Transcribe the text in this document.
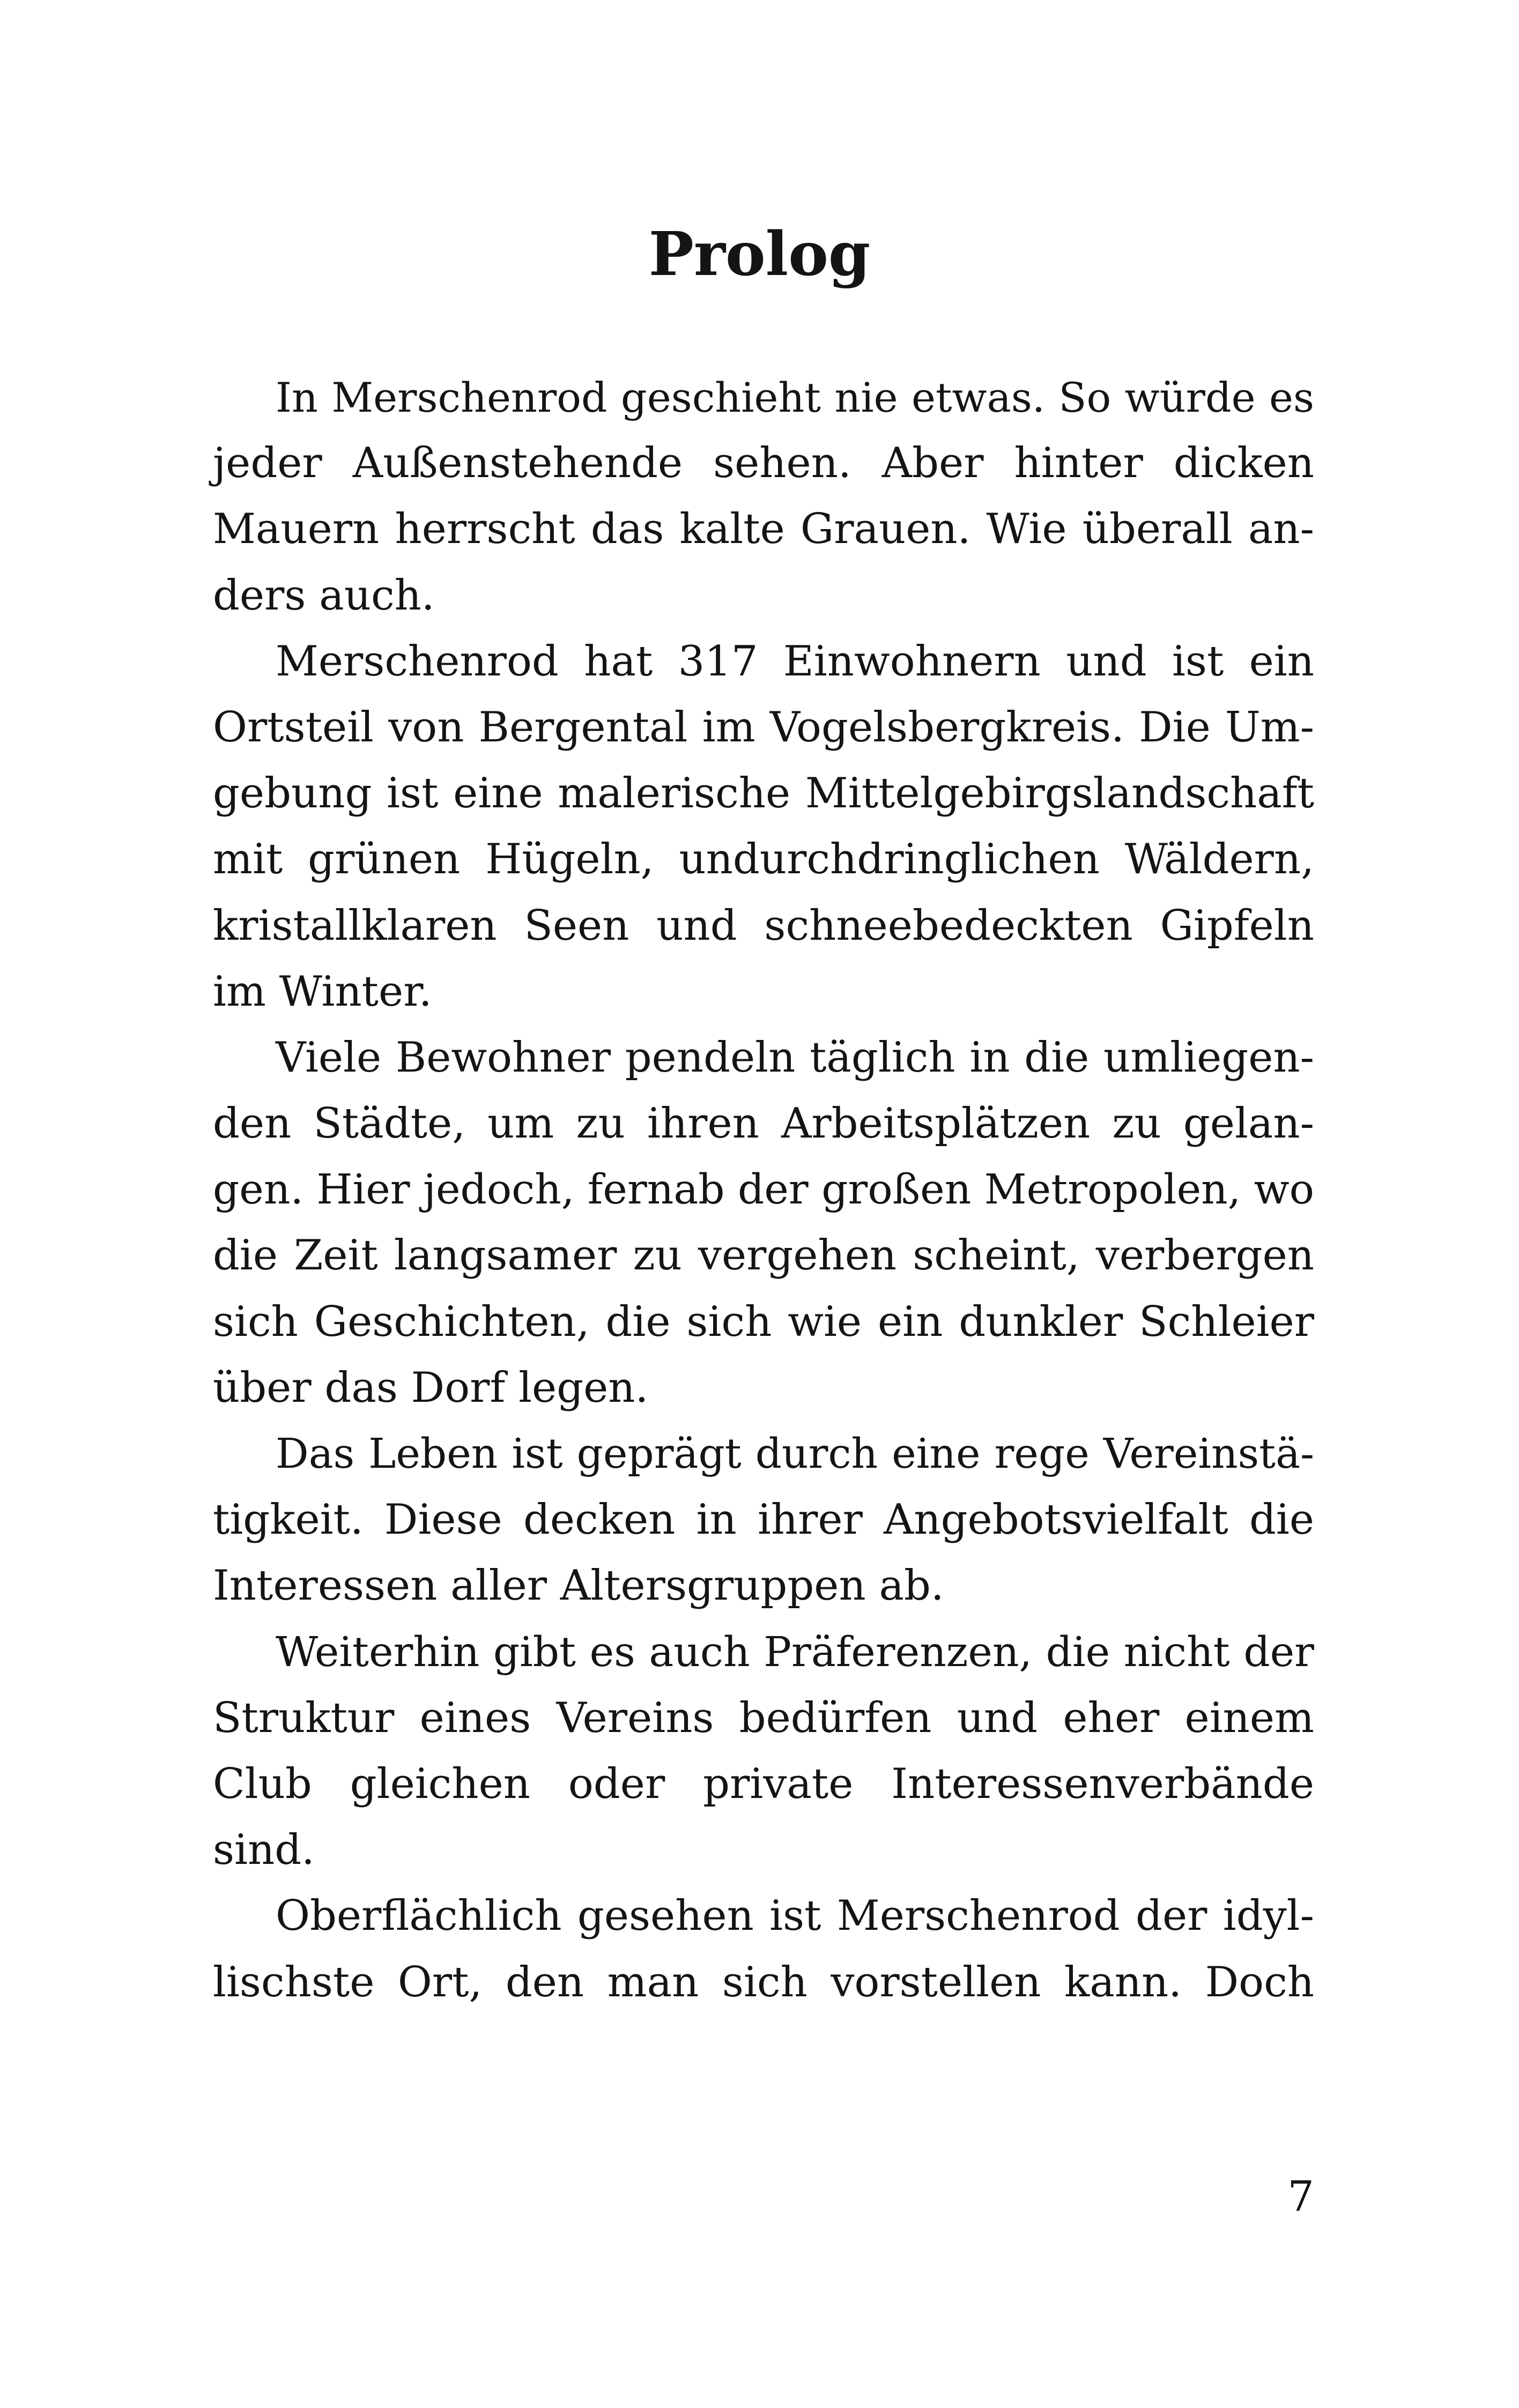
Prolog
In Merschenrod geschieht nie etwas. So würde es
jeder Außenstehende sehen. Aber hinter dicken
Mauern herrscht das kalte Grauen. Wie überall an-
ders auch.
Merschenrod hat 317 Einwohnern und ist ein
Ortsteil von Bergental im Vogelsbergkreis. Die Um-
gebung ist eine malerische Mittelgebirgslandschaft
mit grünen Hügeln, undurchdringlichen Wäldern,
kristallklaren Seen und schneebedeckten Gipfeln
im Winter.
Viele Bewohner pendeln täglich in die umliegen-
den Städte, um zu ihren Arbeitsplätzen zu gelan-
gen. Hier jedoch, fernab der großen Metropolen, wo
die Zeit langsamer zu vergehen scheint, verbergen
sich Geschichten, die sich wie ein dunkler Schleier
über das Dorf legen.
Das Leben ist geprägt durch eine rege Vereinstä-
tigkeit. Diese decken in ihrer Angebotsvielfalt die
Interessen aller Altersgruppen ab.
Weiterhin gibt es auch Präferenzen, die nicht der
Struktur eines Vereins bedürfen und eher einem
Club gleichen oder private Interessenverbände
sind.
Oberflächlich gesehen ist Merschenrod der idyl-
lischste Ort, den man sich vorstellen kann. Doch
7
